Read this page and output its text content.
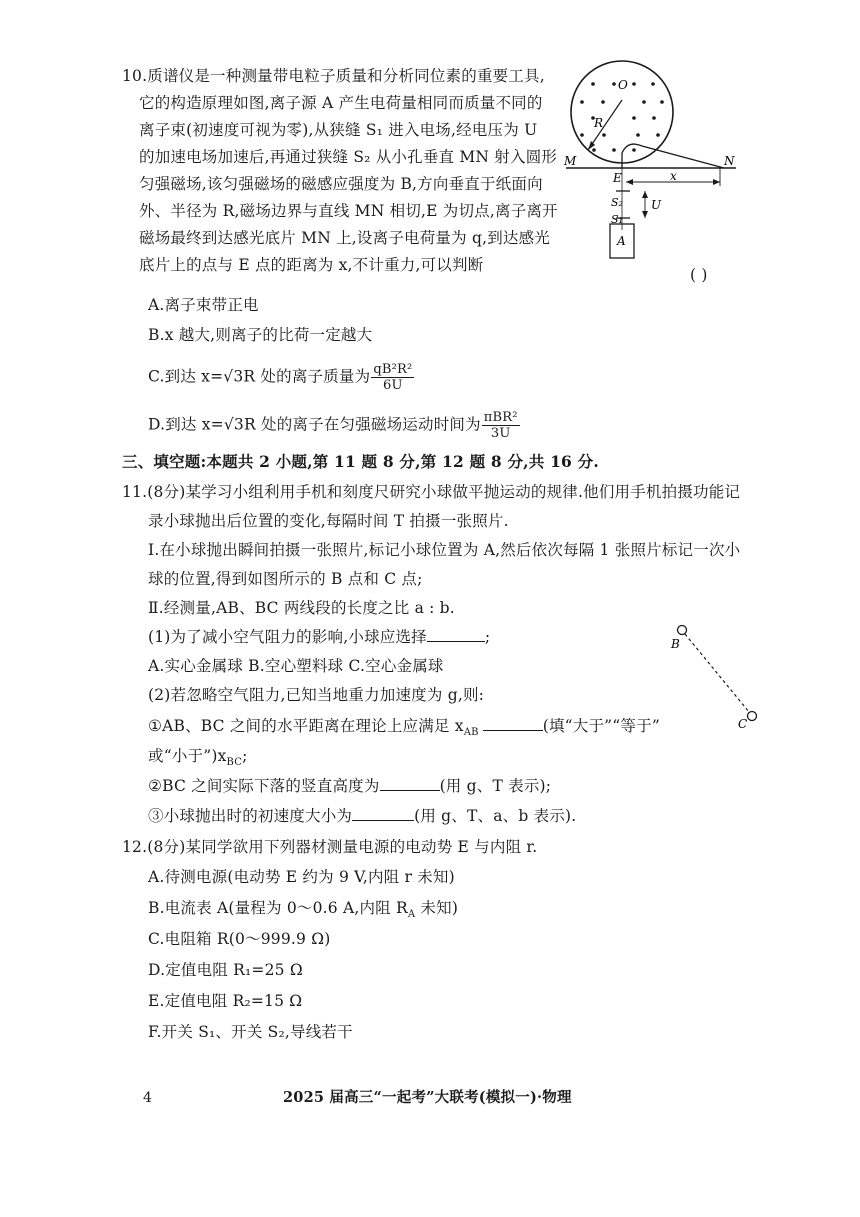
10.质谱仪是一种测量带电粒子质量和分析同位素的重要工具,
它的构造原理如图,离子源 A 产生电荷量相同而质量不同的
离子束(初速度可视为零),从狭缝 S₁ 进入电场,经电压为 U
的加速电场加速后,再通过狭缝 S₂ 从小孔垂直 MN 射入圆形
匀强磁场,该匀强磁场的磁感应强度为 B,方向垂直于纸面向
外、半径为 R,磁场边界与直线 MN 相切,E 为切点,离子离开
磁场最终到达感光底片 MN 上,设离子电荷量为 q,到达感光
底片上的点与 E 点的距离为 x,不计重力,可以判断
( )
A.离子束带正电
B.x 越大,则离子的比荷一定越大
C.到达 x=√3R 处的离子质量为 $\frac{\text{qB²R²}}{6U}$
D.到达 x=√3R 处的离子在匀强磁场运动时间为 $\frac{\text{πBR²}}{3U}$
O
R
M	N
E	x
S₂
S₁
U
A
三、填空题:本题共 2 小题,第 11 题 8 分,第 12 题 8 分,共 16 分.
11.(8分)某学习小组利用手机和刻度尺研究小球做平抛运动的规律.他们用手机拍摄功能记
录小球抛出后位置的变化,每隔时间 T 拍摄一张照片.
Ⅰ.在小球抛出瞬间拍摄一张照片,标记小球位置为 A,然后依次每隔 1 张照片标记一次小
球的位置,得到如图所示的 B 点和 C 点;
Ⅱ.经测量,AB、BC 两线段的长度之比 a : b.
(1)为了减小空气阻力的影响,小球应选择	;
A.实心金属球 B.空心塑料球 C.空心金属球
(2)若忽略空气阻力,已知当地重力加速度为 g,则:
①AB、BC 之间的水平距离在理论上应满足 $x_{AB}$	(填“大于”“等于”
或“小于$”)x_{BC}$;
②BC 之间实际下落的竖直高度为	(用 g、T 表示);
③小球抛出时的初速度大小为	(用 g、T、a、b 表示).
B
C
12.(8分)某同学欲用下列器材测量电源的电动势 E 与内阻 r.
A.待测电源(电动势 E 约为 9 V,内阻 r 未知)
B.电流表 A(量程为 0～0.6 A,内阻 $R_A$ 未知)
C.电阻箱 R(0～999.9 Ω)
D.定值电阻 R₁=25 Ω
E.定值电阻 R₂=15 Ω
F.开关 S₁、开关 S₂,导线若干
4	2025 届高三“一起考”大联考(模拟一)·物理
